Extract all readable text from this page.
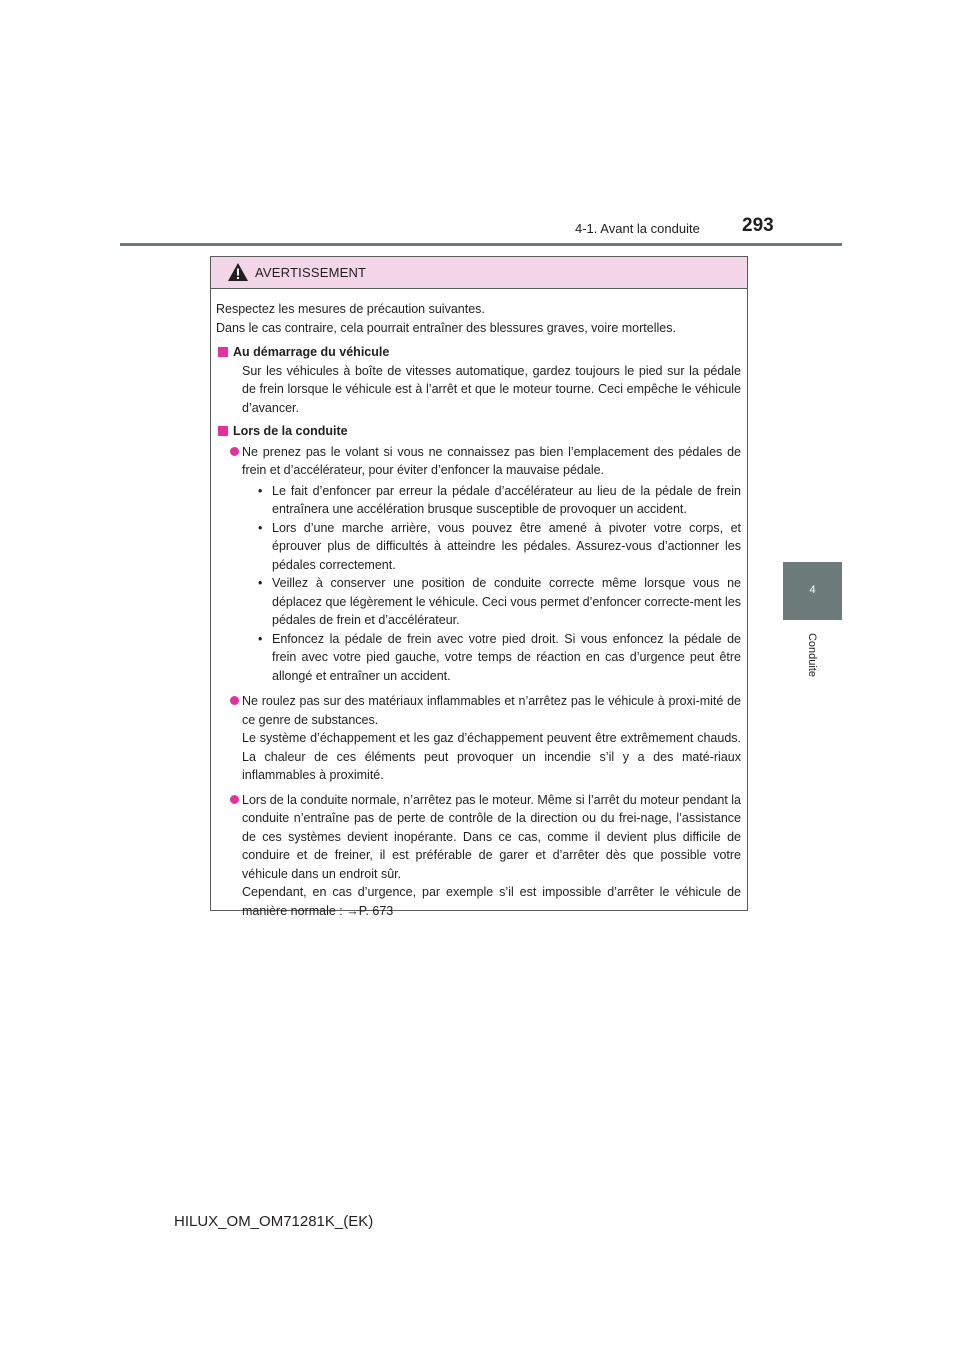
4-1. Avant la conduite 293
4
Conduite
AVERTISSEMENT

Respectez les mesures de précaution suivantes.

Dans le cas contraire, cela pourrait entraîner des blessures graves, voire mortelles.

Au démarrage du véhicule

Sur les véhicules à boîte de vitesses automatique, gardez toujours le pied sur la pédale de frein lorsque le véhicule est à l’arrêt et que le moteur tourne. Ceci empêche le véhicule d’avancer.

Lors de la conduite

Ne prenez pas le volant si vous ne connaissez pas bien l’emplacement des pédales de frein et d’accélérateur, pour éviter d’enfoncer la mauvaise pédale.

• Le fait d’enfoncer par erreur la pédale d’accélérateur au lieu de la pédale de frein entraînera une accélération brusque susceptible de provoquer un accident.
• Lors d’une marche arrière, vous pouvez être amené à pivoter votre corps, et éprouver plus de difficultés à atteindre les pédales. Assurez-vous d’actionner les pédales correctement.
• Veillez à conserver une position de conduite correcte même lorsque vous ne déplacez que légèrement le véhicule. Ceci vous permet d’enfoncer correcte-ment les pédales de frein et d’accélérateur.
• Enfoncez la pédale de frein avec votre pied droit. Si vous enfoncez la pédale de frein avec votre pied gauche, votre temps de réaction en cas d’urgence peut être allongé et entraîner un accident.

Ne roulez pas sur des matériaux inflammables et n’arrêtez pas le véhicule à proxi-mité de ce genre de substances.

Le système d’échappement et les gaz d’échappement peuvent être extrêmement chauds. La chaleur de ces éléments peut provoquer un incendie s’il y a des maté-riaux inflammables à proximité.

Lors de la conduite normale, n’arrêtez pas le moteur. Même si l’arrêt du moteur pendant la conduite n’entraîne pas de perte de contrôle de la direction ou du frei-nage, l’assistance de ces systèmes devient inopérante. Dans ce cas, comme il devient plus difficile de conduire et de freiner, il est préférable de garer et d’arrêter dès que possible votre véhicule dans un endroit sûr.

Cependant, en cas d’urgence, par exemple s’il est impossible d’arrêter le véhicule de manière normale : →P. 673

HILUX_OM_OM71281K_(EK)
